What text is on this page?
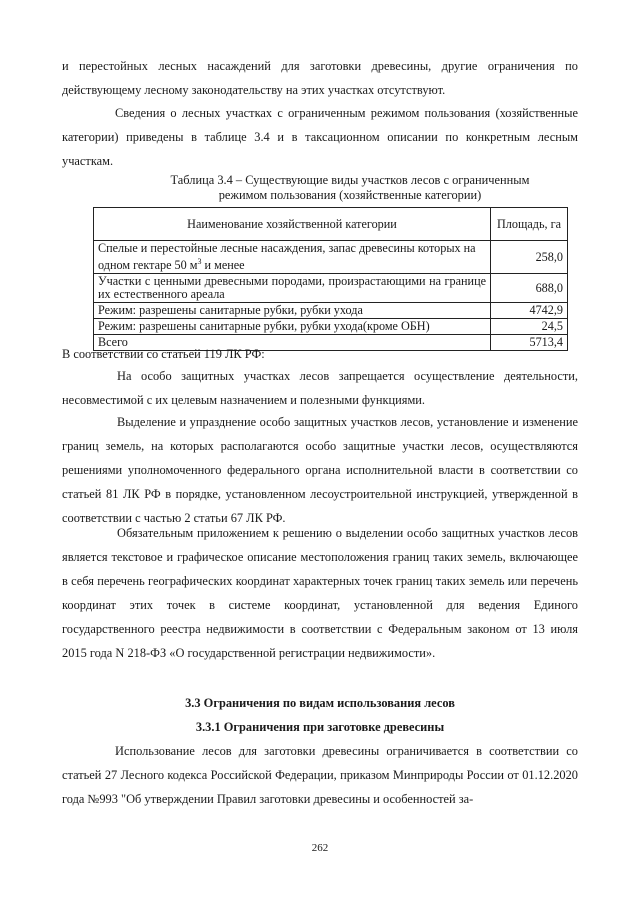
и перестойных лесных насаждений для заготовки древесины, другие ограничения по действующему лесному законодательству на этих участках отсутствуют.

Сведения о лесных участках с ограниченным режимом пользования (хозяйственные категории) приведены в таблице 3.4 и в таксационном описании по конкретным лесным участкам.

Таблица 3.4 – Существующие виды участков лесов с ограниченным режимом пользования (хозяйственные категории)

Наименование хозяйственной категории	Площадь, га
Спелые и перестойные лесные насаждения, запас древесины которых на одном гектаре 50 $м^3$ и менее	258,0
Участки с ценными древесными породами, произрастающими на границе их естественного ареала	688,0
Режим: разрешены санитарные рубки, рубки ухода	4742,9
Режим: разрешены санитарные рубки, рубки ухода(кроме ОБН)	24,5
Всего	5713,4

В соответствии со статьей 119 ЛК РФ:

На особо защитных участках лесов запрещается осуществление деятельности, несовместимой с их целевым назначением и полезными функциями.

Выделение и упразднение особо защитных участков лесов, установление и изменение границ земель, на которых располагаются особо защитные участки лесов, осуществляются решениями уполномоченного федерального органа исполнительной власти в соответствии со статьей 81 ЛК РФ в порядке, установленном лесоустроительной инструкцией, утвержденной в соответствии с частью 2 статьи 67 ЛК РФ.

Обязательным приложением к решению о выделении особо защитных участков лесов является текстовое и графическое описание местоположения границ таких земель, включающее в себя перечень географических координат характерных точек границ таких земель или перечень координат этих точек в системе координат, установленной для ведения Единого государственного реестра недвижимости в соответствии с Федеральным законом от 13 июля 2015 года N 218-ФЗ «О государственной регистрации недвижимости».

3.3 Ограничения по видам использования лесов

3.3.1 Ограничения при заготовке древесины

Использование лесов для заготовки древесины ограничивается в соответствии со статьей 27 Лесного кодекса Российской Федерации, приказом Минприроды России от 01.12.2020 года №993 "Об утверждении Правил заготовки древесины и особенностей за-

262
